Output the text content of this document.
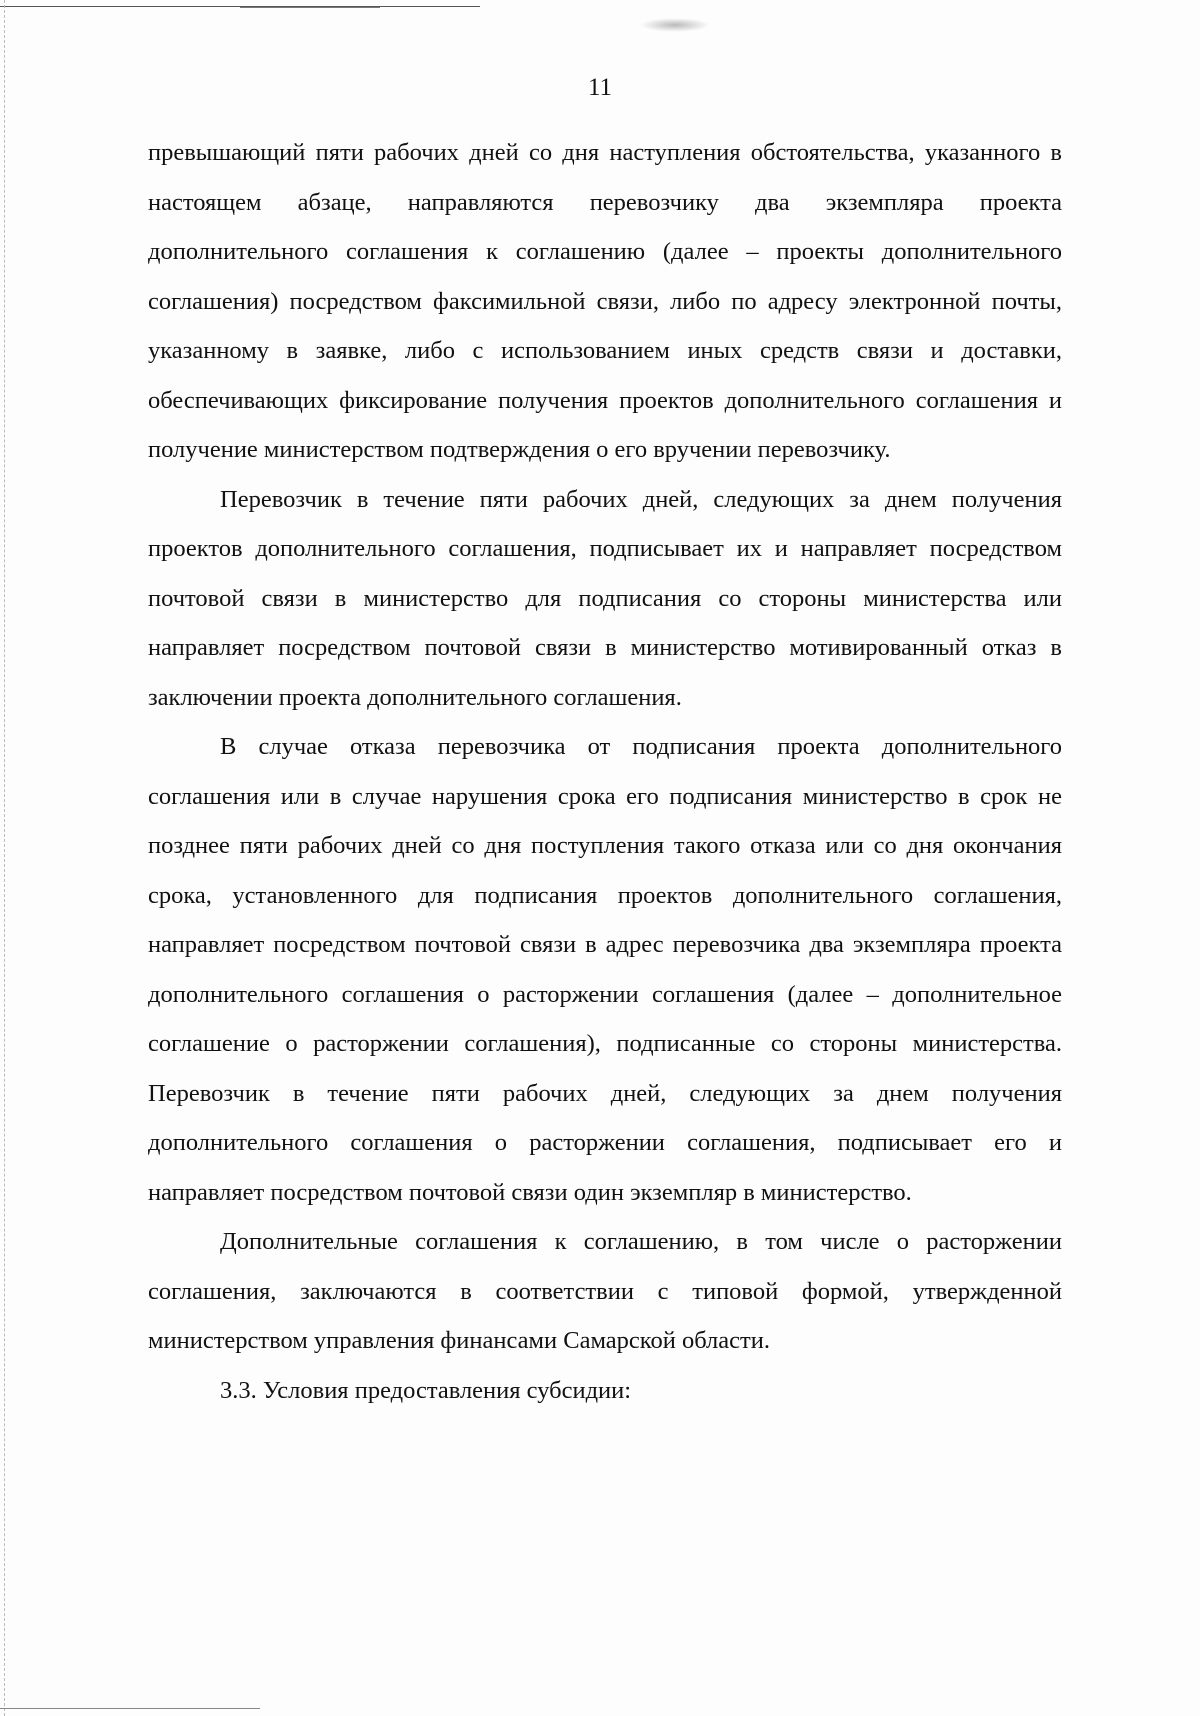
11

превышающий пяти рабочих дней со дня наступления обстоятельства, указанного в настоящем абзаце, направляются перевозчику два экземпляра проекта дополнительного соглашения к соглашению (далее – проекты дополнительного соглашения) посредством факсимильной связи, либо по адресу электронной почты, указанному в заявке, либо с использованием иных средств связи и доставки, обеспечивающих фиксирование получения проектов дополнительного соглашения и получение министерством подтверждения о его вручении перевозчику.

Перевозчик в течение пяти рабочих дней, следующих за днем получения проектов дополнительного соглашения, подписывает их и направляет посредством почтовой связи в министерство для подписания со стороны министерства или направляет посредством почтовой связи в министерство мотивированный отказ в заключении проекта дополнительного соглашения.

В случае отказа перевозчика от подписания проекта дополнительного соглашения или в случае нарушения срока его подписания министерство в срок не позднее пяти рабочих дней со дня поступления такого отказа или со дня окончания срока, установленного для подписания проектов дополнительного соглашения, направляет посредством почтовой связи в адрес перевозчика два экземпляра проекта дополнительного соглашения о расторжении соглашения (далее – дополнительное соглашение о расторжении соглашения), подписанные со стороны министерства. Перевозчик в течение пяти рабочих дней, следующих за днем получения дополнительного соглашения о расторжении соглашения, подписывает его и направляет посредством почтовой связи один экземпляр в министерство.

Дополнительные соглашения к соглашению, в том числе о расторжении соглашения, заключаются в соответствии с типовой формой, утвержденной министерством управления финансами Самарской области.

3.3. Условия предоставления субсидии:
